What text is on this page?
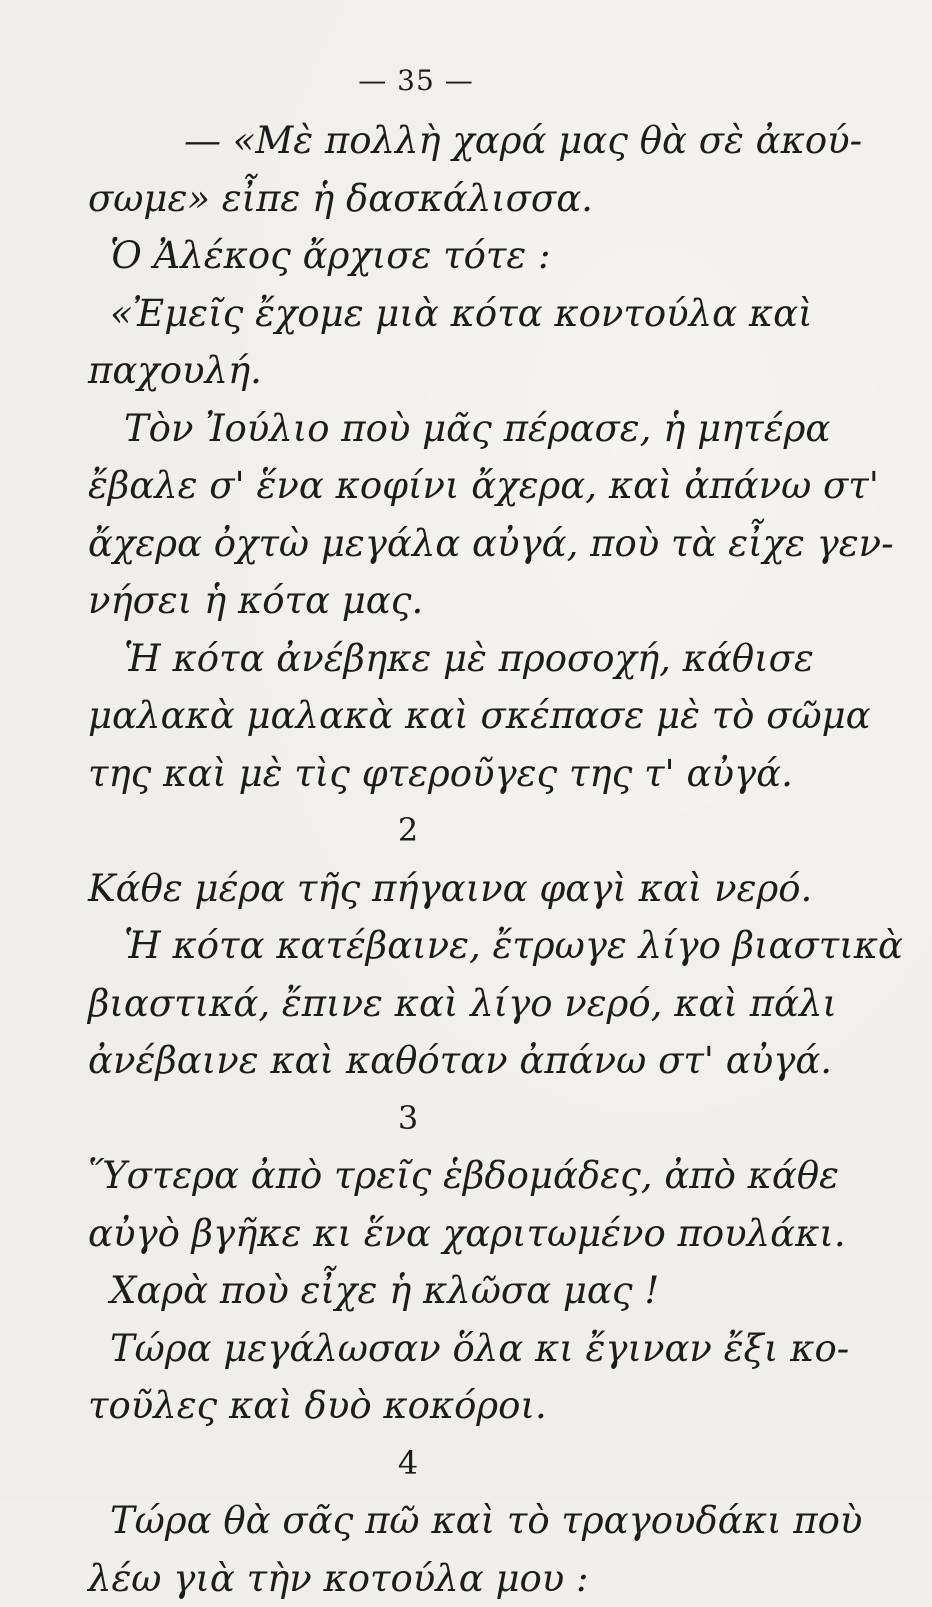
— 35 —
— «Μὲ πολλὴ χαρά μας θὰ σὲ ἀκού-
σωμε» εἶπε ἡ δασκάλισσα.
Ὁ Ἀλέκος ἄρχισε τότε :
«Ἐμεῖς ἔχομε μιὰ κότα κοντούλα καὶ
παχουλή.
Τὸν Ἰούλιο ποὺ μᾶς πέρασε, ἡ μητέρα
ἔβαλε σ' ἕνα κοφίνι ἄχερα, καὶ ἀπάνω στ'
ἄχερα ὀχτὼ μεγάλα αὐγά, ποὺ τὰ εἶχε γεν-
νήσει ἡ κότα μας.
Ἡ κότα ἀνέβηκε μὲ προσοχή, κάθισε
μαλακὰ μαλακὰ καὶ σκέπασε μὲ τὸ σῶμα
της καὶ μὲ τὶς φτεροῦγες της τ' αὐγά.
2
Κάθε μέρα τῆς πήγαινα φαγὶ καὶ νερό.
Ἡ κότα κατέβαινε, ἔτρωγε λίγο βιαστικὰ
βιαστικά, ἔπινε καὶ λίγο νερό, καὶ πάλι
ἀνέβαινε καὶ καθόταν ἀπάνω στ' αὐγά.
3
Ὕστερα ἀπὸ τρεῖς ἑβδομάδες, ἀπὸ κάθε
αὐγὸ βγῆκε κι ἕνα χαριτωμένο πουλάκι.
Χαρὰ ποὺ εἶχε ἡ κλῶσα μας !
Τώρα μεγάλωσαν ὅλα κι ἔγιναν ἔξι κο-
τοῦλες καὶ δυὸ κοκόροι.
4
Τώρα θὰ σᾶς πῶ καὶ τὸ τραγουδάκι ποὺ
λέω γιὰ τὴν κοτούλα μου :
